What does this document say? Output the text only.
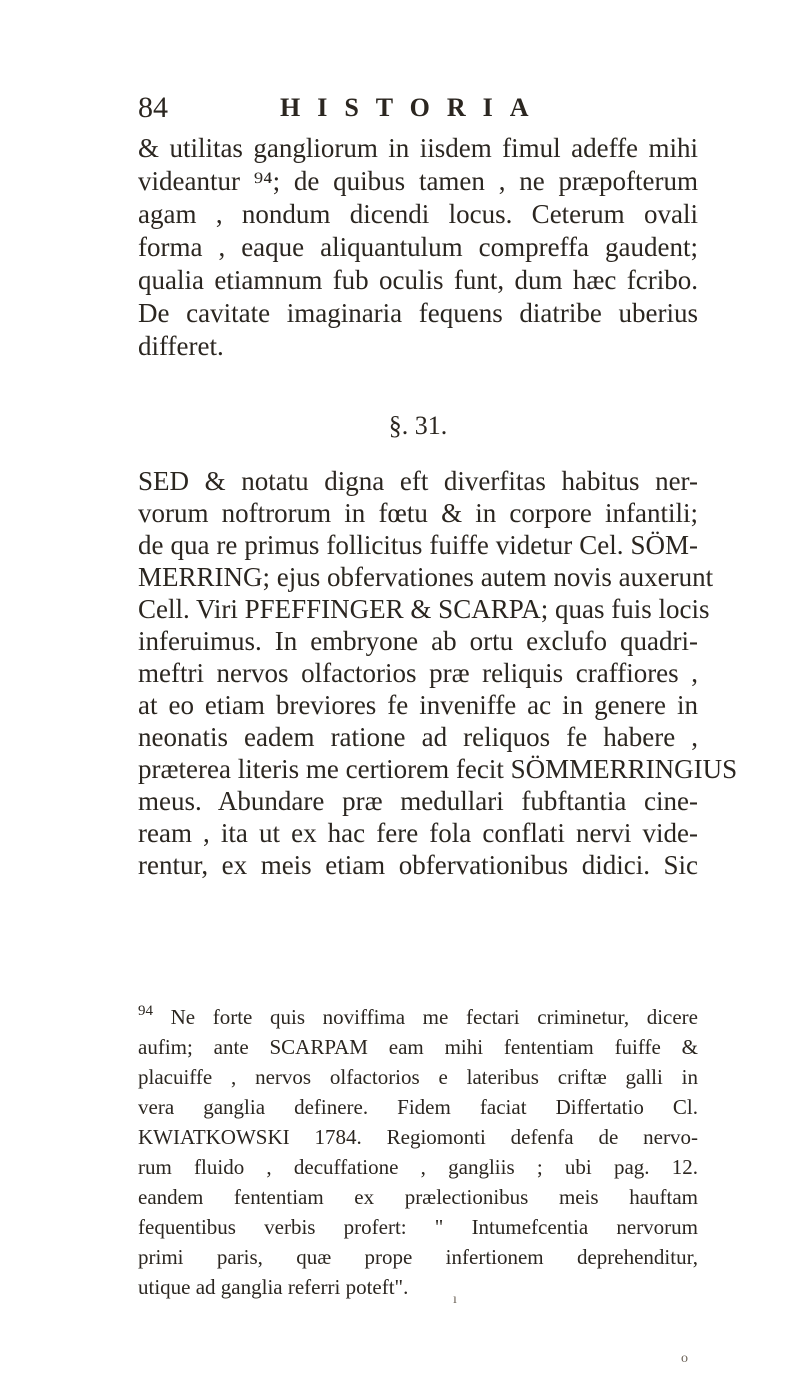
84	HISTORIA
& utilitas gangliorum in iisdem fimul adeffe mihi
videantur ⁹⁴; de quibus tamen , ne præpofterum
agam , nondum dicendi locus. Ceterum ovali
forma , eaque aliquantulum compreffa gaudent;
qualia etiamnum fub oculis funt, dum hæc fcribo.
De cavitate imaginaria fequens diatribe uberius
differet.
§. 31.
SED & notatu digna eft diverfitas habitus ner-
vorum noftrorum in fœtu & in corpore infantili;
de qua re primus follicitus fuiffe videtur Cel. SÖM-
MERRING; ejus obfervationes autem novis auxerunt
Cell. Viri PFEFFINGER & SCARPA; quas fuis locis
inferuimus. In embryone ab ortu exclufo quadri-
meftri nervos olfactorios præ reliquis craffiores ,
at eo etiam breviores fe inveniffe ac in genere in
neonatis eadem ratione ad reliquos fe habere ,
præterea literis me certiorem fecit SÖMMERRINGIUS
meus. Abundare præ medullari fubftantia cine-
ream , ita ut ex hac fere fola conflati nervi vide-
rentur, ex meis etiam obfervationibus didici. Sic
$^{94}$ Ne forte quis noviffima me fectari criminetur, dicere
aufim; ante SCARPAM eam mihi fententiam fuiffe &
placuiffe , nervos olfactorios e lateribus criftæ galli in
vera ganglia definere. Fidem faciat Differtatio Cl.
KWIATKOWSKI 1784. Regiomonti defenfa de nervo-
rum fluido , decuffatione , gangliis ; ubi pag. 12.
eandem fententiam ex prælectionibus meis hauftam
fequentibus verbis profert: " Intumefcentia nervorum
primi paris, quæ prope infertionem deprehenditur,
utique ad ganglia referri poteft".
ı
o
